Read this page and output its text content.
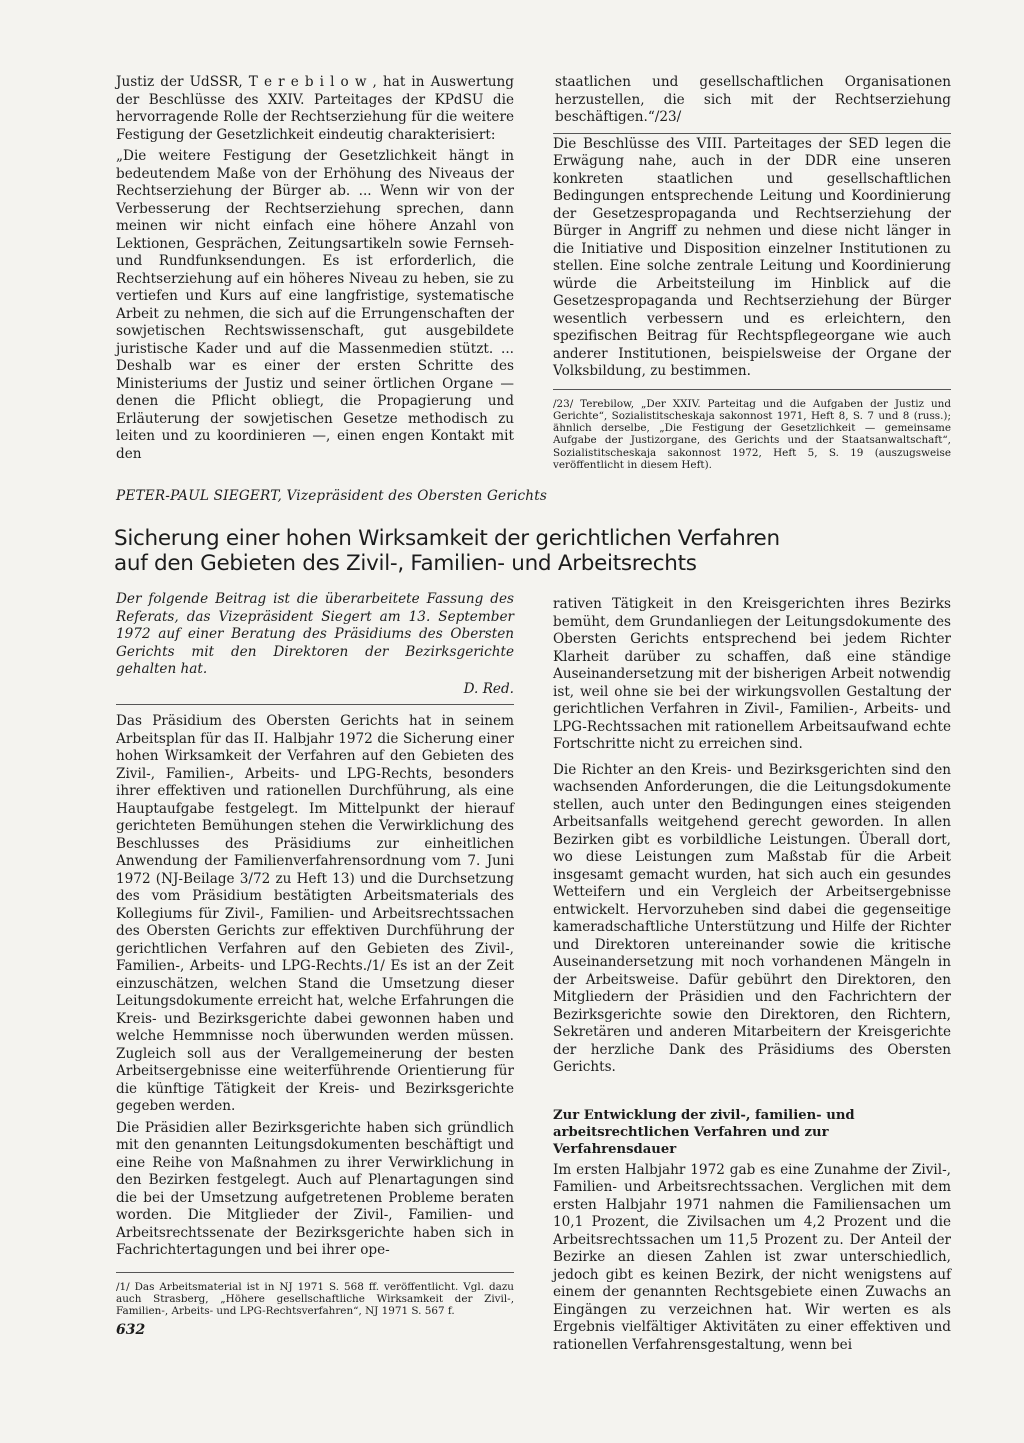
Justiz der UdSSR, T e r e b i l o w , hat in Auswertung der Beschlüsse des XXIV. Parteitages der KPdSU die hervorragende Rolle der Rechtserziehung für die weitere Festigung der Gesetzlichkeit eindeutig charakterisiert:

„Die weitere Festigung der Gesetzlichkeit hängt in bedeutendem Maße von der Erhöhung des Niveaus der Rechtserziehung der Bürger ab. ... Wenn wir von der Verbesserung der Rechtserziehung sprechen, dann meinen wir nicht einfach eine höhere Anzahl von Lektionen, Gesprächen, Zeitungsartikeln sowie Fernseh- und Rundfunksendungen. Es ist erforderlich, die Rechtserziehung auf ein höheres Niveau zu heben, sie zu vertiefen und Kurs auf eine langfristige, systematische Arbeit zu nehmen, die sich auf die Errungenschaften der sowjetischen Rechtswissenschaft, gut ausgebildete juristische Kader und auf die Massenmedien stützt. ... Deshalb war es einer der ersten Schritte des Ministeriums der Justiz und seiner örtlichen Organe — denen die Pflicht obliegt, die Propagierung und Erläuterung der sowjetischen Gesetze methodisch zu leiten und zu koordinieren —, einen engen Kontakt mit den

staatlichen und gesellschaftlichen Organisationen herzustellen, die sich mit der Rechtserziehung beschäftigen.“/23/

Die Beschlüsse des VIII. Parteitages der SED legen die Erwägung nahe, auch in der DDR eine unseren konkreten staatlichen und gesellschaftlichen Bedingungen entsprechende Leitung und Koordinierung der Gesetzespropaganda und Rechtserziehung der Bürger in Angriff zu nehmen und diese nicht länger in die Initiative und Disposition einzelner Institutionen zu stellen. Eine solche zentrale Leitung und Koordinierung würde die Arbeitsteilung im Hinblick auf die Gesetzespropaganda und Rechtserziehung der Bürger wesentlich verbessern und es erleichtern, den spezifischen Beitrag für Rechtspflegeorgane wie auch anderer Institutionen, beispielsweise der Organe der Volksbildung, zu bestimmen.

/23/ Terebilow, „Der XXIV. Parteitag und die Aufgaben der Justiz und Gerichte“, Sozialistitscheskaja sakonnost 1971, Heft 8, S. 7 und 8 (russ.); ähnlich derselbe, „Die Festigung der Gesetzlichkeit — gemeinsame Aufgabe der Justizorgane, des Gerichts und der Staatsanwaltschaft“, Sozialistitscheskaja sakonnost 1972, Heft 5, S. 19 (auszugsweise veröffentlicht in diesem Heft).
PETER-PAUL SIEGERT, Vizepräsident des Obersten Gerichts
Sicherung einer hohen Wirksamkeit der gerichtlichen Verfahren
auf den Gebieten des Zivil-, Familien- und Arbeitsrechts

Der folgende Beitrag ist die überarbeitete Fassung des Referats, das Vizepräsident Siegert am 13. September 1972 auf einer Beratung des Präsidiums des Obersten Gerichts mit den Direktoren der Bezirksgerichte gehalten hat.

D. Red.

Das Präsidium des Obersten Gerichts hat in seinem Arbeitsplan für das II. Halbjahr 1972 die Sicherung einer hohen Wirksamkeit der Verfahren auf den Gebieten des Zivil-, Familien-, Arbeits- und LPG-Rechts, besonders ihrer effektiven und rationellen Durchführung, als eine Hauptaufgabe festgelegt. Im Mittelpunkt der hierauf gerichteten Bemühungen stehen die Verwirklichung des Beschlusses des Präsidiums zur einheitlichen Anwendung der Familienverfahrensordnung vom 7. Juni 1972 (NJ-Beilage 3/72 zu Heft 13) und die Durchsetzung des vom Präsidium bestätigten Arbeitsmaterials des Kollegiums für Zivil-, Familien- und Arbeitsrechtssachen des Obersten Gerichts zur effektiven Durchführung der gerichtlichen Verfahren auf den Gebieten des Zivil-, Familien-, Arbeits- und LPG-Rechts./1/ Es ist an der Zeit einzuschätzen, welchen Stand die Umsetzung dieser Leitungsdokumente erreicht hat, welche Erfahrungen die Kreis- und Bezirksgerichte dabei gewonnen haben und welche Hemmnisse noch überwunden werden müssen. Zugleich soll aus der Verallgemeinerung der besten Arbeitsergebnisse eine weiterführende Orientierung für die künftige Tätigkeit der Kreis- und Bezirksgerichte gegeben werden.

Die Präsidien aller Bezirksgerichte haben sich gründlich mit den genannten Leitungsdokumenten beschäftigt und eine Reihe von Maßnahmen zu ihrer Verwirklichung in den Bezirken festgelegt. Auch auf Plenartagungen sind die bei der Umsetzung aufgetretenen Probleme beraten worden. Die Mitglieder der Zivil-, Familien- und Arbeitsrechtssenate der Bezirksgerichte haben sich in Fachrichtertagungen und bei ihrer ope-

/1/ Das Arbeitsmaterial ist in NJ 1971 S. 568 ff. veröffentlicht. Vgl. dazu auch Strasberg, „Höhere gesellschaftliche Wirksamkeit der Zivil-, Familien-, Arbeits- und LPG-Rechtsverfahren“, NJ 1971 S. 567 f.

rativen Tätigkeit in den Kreisgerichten ihres Bezirks bemüht, dem Grundanliegen der Leitungsdokumente des Obersten Gerichts entsprechend bei jedem Richter Klarheit darüber zu schaffen, daß eine ständige Auseinandersetzung mit der bisherigen Arbeit notwendig ist, weil ohne sie bei der wirkungsvollen Gestaltung der gerichtlichen Verfahren in Zivil-, Familien-, Arbeits- und LPG-Rechtssachen mit rationellem Arbeitsaufwand echte Fortschritte nicht zu erreichen sind.

Die Richter an den Kreis- und Bezirksgerichten sind den wachsenden Anforderungen, die die Leitungsdokumente stellen, auch unter den Bedingungen eines steigenden Arbeitsanfalls weitgehend gerecht geworden. In allen Bezirken gibt es vorbildliche Leistungen. Überall dort, wo diese Leistungen zum Maßstab für die Arbeit insgesamt gemacht wurden, hat sich auch ein gesundes Wetteifern und ein Vergleich der Arbeitsergebnisse entwickelt. Hervorzuheben sind dabei die gegenseitige kameradschaftliche Unterstützung und Hilfe der Richter und Direktoren untereinander sowie die kritische Auseinandersetzung mit noch vorhandenen Mängeln in der Arbeitsweise. Dafür gebührt den Direktoren, den Mitgliedern der Präsidien und den Fachrichtern der Bezirksgerichte sowie den Direktoren, den Richtern, Sekretären und anderen Mitarbeitern der Kreisgerichte der herzliche Dank des Präsidiums des Obersten Gerichts.

Zur Entwicklung der zivil-, familien- und arbeitsrechtlichen Verfahren und zur Verfahrensdauer

Im ersten Halbjahr 1972 gab es eine Zunahme der Zivil-, Familien- und Arbeitsrechtssachen. Verglichen mit dem ersten Halbjahr 1971 nahmen die Familiensachen um 10,1 Prozent, die Zivilsachen um 4,2 Prozent und die Arbeitsrechtssachen um 11,5 Prozent zu. Der Anteil der Bezirke an diesen Zahlen ist zwar unterschiedlich, jedoch gibt es keinen Bezirk, der nicht wenigstens auf einem der genannten Rechtsgebiete einen Zuwachs an Eingängen zu verzeichnen hat. Wir werten es als Ergebnis vielfältiger Aktivitäten zu einer effektiven und rationellen Verfahrensgestaltung, wenn bei

632
